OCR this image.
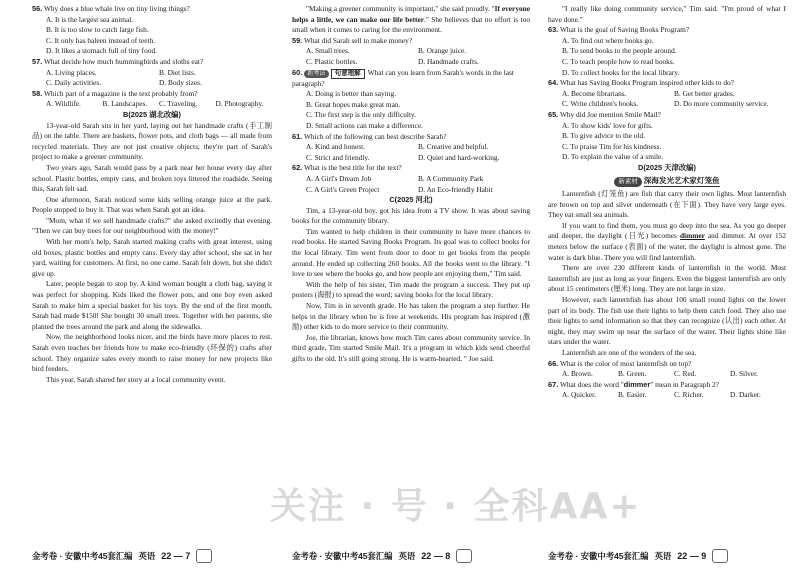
56. Why does a blue whale live on tiny living things?

A. It is the largest sea animal.

B. It is too slow to catch large fish.

C. It only has baleen instead of teeth.

D. It likes a stomach full of tiny food.

57. What decide how much hummingbirds and sloths eat?

A. Living places.	B. Diet lists.
C. Daily activities.	D. Body sizes.

58. Which part of a magazine is the text probably from?

A. Wildlife.	B. Landscapes.	C. Traveling.	D. Photography.

B(2025 湖北改编)

13-year-old Sarah sits in her yard, laying out her handmade crafts (手工制品) on the table. There are baskets, flower pots, and cloth bags — all made from recycled materials. They are not just creative objects; they're part of Sarah's project to make a greener community.

Two years ago, Sarah would pass by a park near her house every day after school. Plastic bottles, empty cans, and broken toys littered the roadside. Seeing this, Sarah felt sad.

One afternoon, Sarah noticed some kids selling orange juice at the park. People stopped to buy it. That was when Sarah got an idea.

"Mom, what if we sell handmade crafts?" she asked excitedly that evening. "Then we can buy trees for our neighborhood with the money!"

With her mom's help, Sarah started making crafts with great interest, using old boxes, plastic bottles and empty cans. Every day after school, she sat in her yard, waiting for customers. At first, no one came. Sarah felt down, but she didn't give up.

Later, people began to stop by. A kind woman bought a cloth bag, saying it was perfect for shopping. Kids liked the flower pots, and one boy even asked Sarah to make him a special basket for his toys. By the end of the first month, Sarah had made $150! She bought 30 small trees. Together with her parents, she planted the trees around the park and along the sidewalks.

Now, the neighborhood looks nicer, and the birds have more places to rest. Sarah even teaches her friends how to make eco-friendly (环保的) crafts after school. They organize sales every month to raise money for new projects like bird feeders.

This year, Sarah shared her story at a local community event.

"Making a greener community is important," she said proudly. "If everyone helps a little, we can make our life better." She believes that no effort is too small when it comes to caring for the environment.

59. What did Sarah sell to make money?

A. Small trees.	B. Orange juice.
C. Plastic bottles.	D. Handmade crafts.

60. 新考法 句意理解 What can you learn from Sarah's words in the last paragraph?

A. Doing is better than saying.

B. Great hopes make great man.

C. The first step is the only difficulty.

D. Small actions can make a difference.

61. Which of the following can best describe Sarah?

A. Kind and honest.	B. Creative and helpful.
C. Strict and friendly.	D. Quiet and hard-working.

62. What is the best title for the text?

A. A Girl's Dream Job	B. A Community Park
C. A Girl's Green Project	D. An Eco-friendly Habit

C(2025 河北)

Tim, a 13-year-old boy, got his idea from a TV show. It was about saving books for the community library.

Tim wanted to help children in their community to have more chances to read books. He started Saving Books Program. Its goal was to collect books for the local library. Tim went from door to door to get books from the people around. He ended up collecting 260 books. All the books went to the library. "I love to see where the books go, and how people are enjoying them," Tim said.

With the help of his sister, Tim made the program a success. They put up posters (海报) to spread the word; saving books for the local library.

Now, Tim is in seventh grade. He has taken the program a step further. He helps in the library when he is free at weekends. His program has inspired (激励) other kids to do more service to their community.

Joe, the librarian, knows how much Tim cares about community service. In third grade, Tim started Smile Mail. It's a program in which kids send cheerful gifts to the old. It's still going strong. He is warm-hearted, " Joe said.

"I really like doing community service," Tim said. "I'm proud of what I have done."

63. What is the goal of Saving Books Program?

A. To find out where books go.

B. To send books to the people around.

C. To teach people how to read books.

D. To collect books for the local library.

64. What has Saving Books Program inspired other kids to do?

A. Become librarians.	B. Get better grades.
C. Write children's books.	D. Do more community service.

65. Why did Joe mention Smile Mail?

A. To show kids' love for gifts.

B. To give advice to the old.

C. To praise Tim for his kindness.

D. To explain the value of a smile.

D(2025 天津改编)

新素材 深海发光艺术家灯笼鱼

Lanternfish (灯笼鱼) are fish that carry their own lights. Most lanternfish are brown on top and silver underneath (在下面). They have very large eyes. They eat small sea animals.

If you want to find them, you must go deep into the sea. As you go deeper and deeper, the daylight (日光) becomes dimmer and dimmer. At over 152 meters below the surface (表面) of the water, the daylight is almost gone. The water is dark blue. There you will find lanternfish.

There are over 230 different kinds of lanternfish in the world. Most lanternfish are just as long as your fingers. Even the biggest lanternfish are only about 15 centimeters (厘米) long. They are not large in size.

However, each lanternfish has about 100 small round lights on the lower part of its body. The fish use their lights to help them catch food. They also use their lights to send information so that they can recognize (认出) each other. At night, they may swim up near the surface of the water. Their lights shine like stars under the water.

Lanternfish are one of the wonders of the sea.

66. What is the color of most lanternfish on top?

A. Brown.	B. Green.	C. Red.	D. Silver.

67. What does the word "dimmer" mean in Paragraph 2?

A. Quicker.	B. Easier.	C. Richer.	D. Darker.
金考卷 · 安徽中考45套汇编 英语 22 — 7	金考卷 · 安徽中考45套汇编 英语 22 — 8	金考卷 · 安徽中考45套汇编 英语 22 — 9
关注 · 号 · 全科AA+
